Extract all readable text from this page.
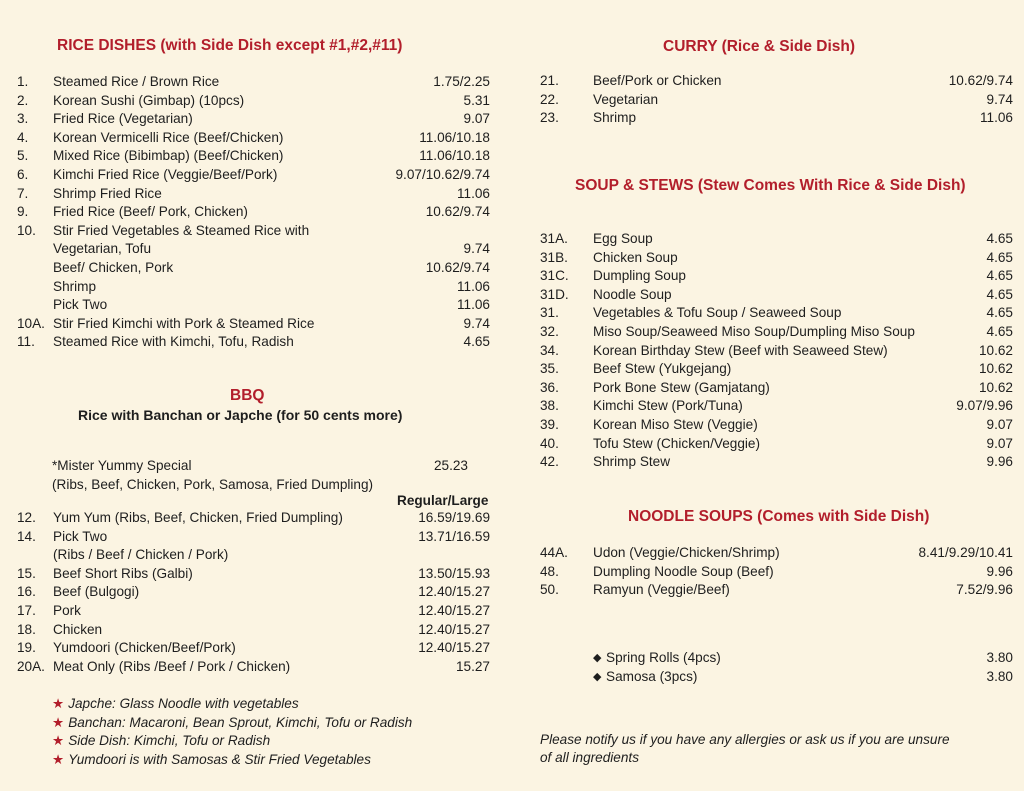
RICE DISHES (with Side Dish except #1,#2,#11)
1. Steamed Rice / Brown Rice	1.75/2.25
2. Korean Sushi (Gimbap) (10pcs)	5.31
3. Fried Rice (Vegetarian)	9.07
4. Korean Vermicelli Rice (Beef/Chicken)	11.06/10.18
5. Mixed Rice (Bibimbap) (Beef/Chicken)	11.06/10.18
6. Kimchi Fried Rice (Veggie/Beef/Pork)	9.07/10.62/9.74
7. Shrimp Fried Rice	11.06
9. Fried Rice (Beef/ Pork, Chicken)	10.62/9.74
10. Stir Fried Vegetables & Steamed Rice with
Vegetarian, Tofu	9.74
Beef/ Chicken, Pork	10.62/9.74
Shrimp	11.06
Pick Two	11.06
10A. Stir Fried Kimchi with Pork & Steamed Rice	9.74
11. Steamed Rice with Kimchi, Tofu, Radish	4.65
BBQ
Rice with Banchan or Japche (for 50 cents more)
*Mister Yummy Special	25.23
(Ribs, Beef, Chicken, Pork, Samosa, Fried Dumpling)
Regular/Large
12. Yum Yum (Ribs, Beef, Chicken, Fried Dumpling)	16.59/19.69
14. Pick Two	13.71/16.59
(Ribs / Beef / Chicken / Pork)
15. Beef Short Ribs (Galbi)	13.50/15.93
16. Beef (Bulgogi)	12.40/15.27
17. Pork	12.40/15.27
18. Chicken	12.40/15.27
19. Yumdoori (Chicken/Beef/Pork)	12.40/15.27
20A. Meat Only (Ribs /Beef / Pork / Chicken)	15.27
★ Japche: Glass Noodle with vegetables
★ Banchan: Macaroni, Bean Sprout, Kimchi, Tofu or Radish
★ Side Dish: Kimchi, Tofu or Radish
★ Yumdoori is with Samosas & Stir Fried Vegetables
CURRY (Rice & Side Dish)
21.	Beef/Pork or Chicken	10.62/9.74
22.	Vegetarian	9.74
23.	Shrimp	11.06
SOUP & STEWS (Stew Comes With Rice & Side Dish)
31A. Egg Soup	4.65
31B. Chicken Soup	4.65
31C. Dumpling Soup	4.65
31D. Noodle Soup	4.65
31.	Vegetables & Tofu Soup / Seaweed Soup	4.65
32.	Miso Soup/Seaweed Miso Soup/Dumpling Miso Soup	4.65
34.	Korean Birthday Stew (Beef with Seaweed Stew)	10.62
35.	Beef Stew (Yukgejang)	10.62
36.	Pork Bone Stew (Gamjatang)	10.62
38.	Kimchi Stew (Pork/Tuna)	9.07/9.96
39.	Korean Miso Stew (Veggie)	9.07
40.	Tofu Stew (Chicken/Veggie)	9.07
42.	Shrimp Stew	9.96
NOODLE SOUPS (Comes with Side Dish)
44A. Udon (Veggie/Chicken/Shrimp)	8.41/9.29/10.41
48.	Dumpling Noodle Soup (Beef)	9.96
50.	Ramyun (Veggie/Beef)	7.52/9.96
◆ Spring Rolls (4pcs)	3.80
◆ Samosa (3pcs)	3.80
Please notify us if you have any allergies or ask us if you are unsure
of all ingredients
